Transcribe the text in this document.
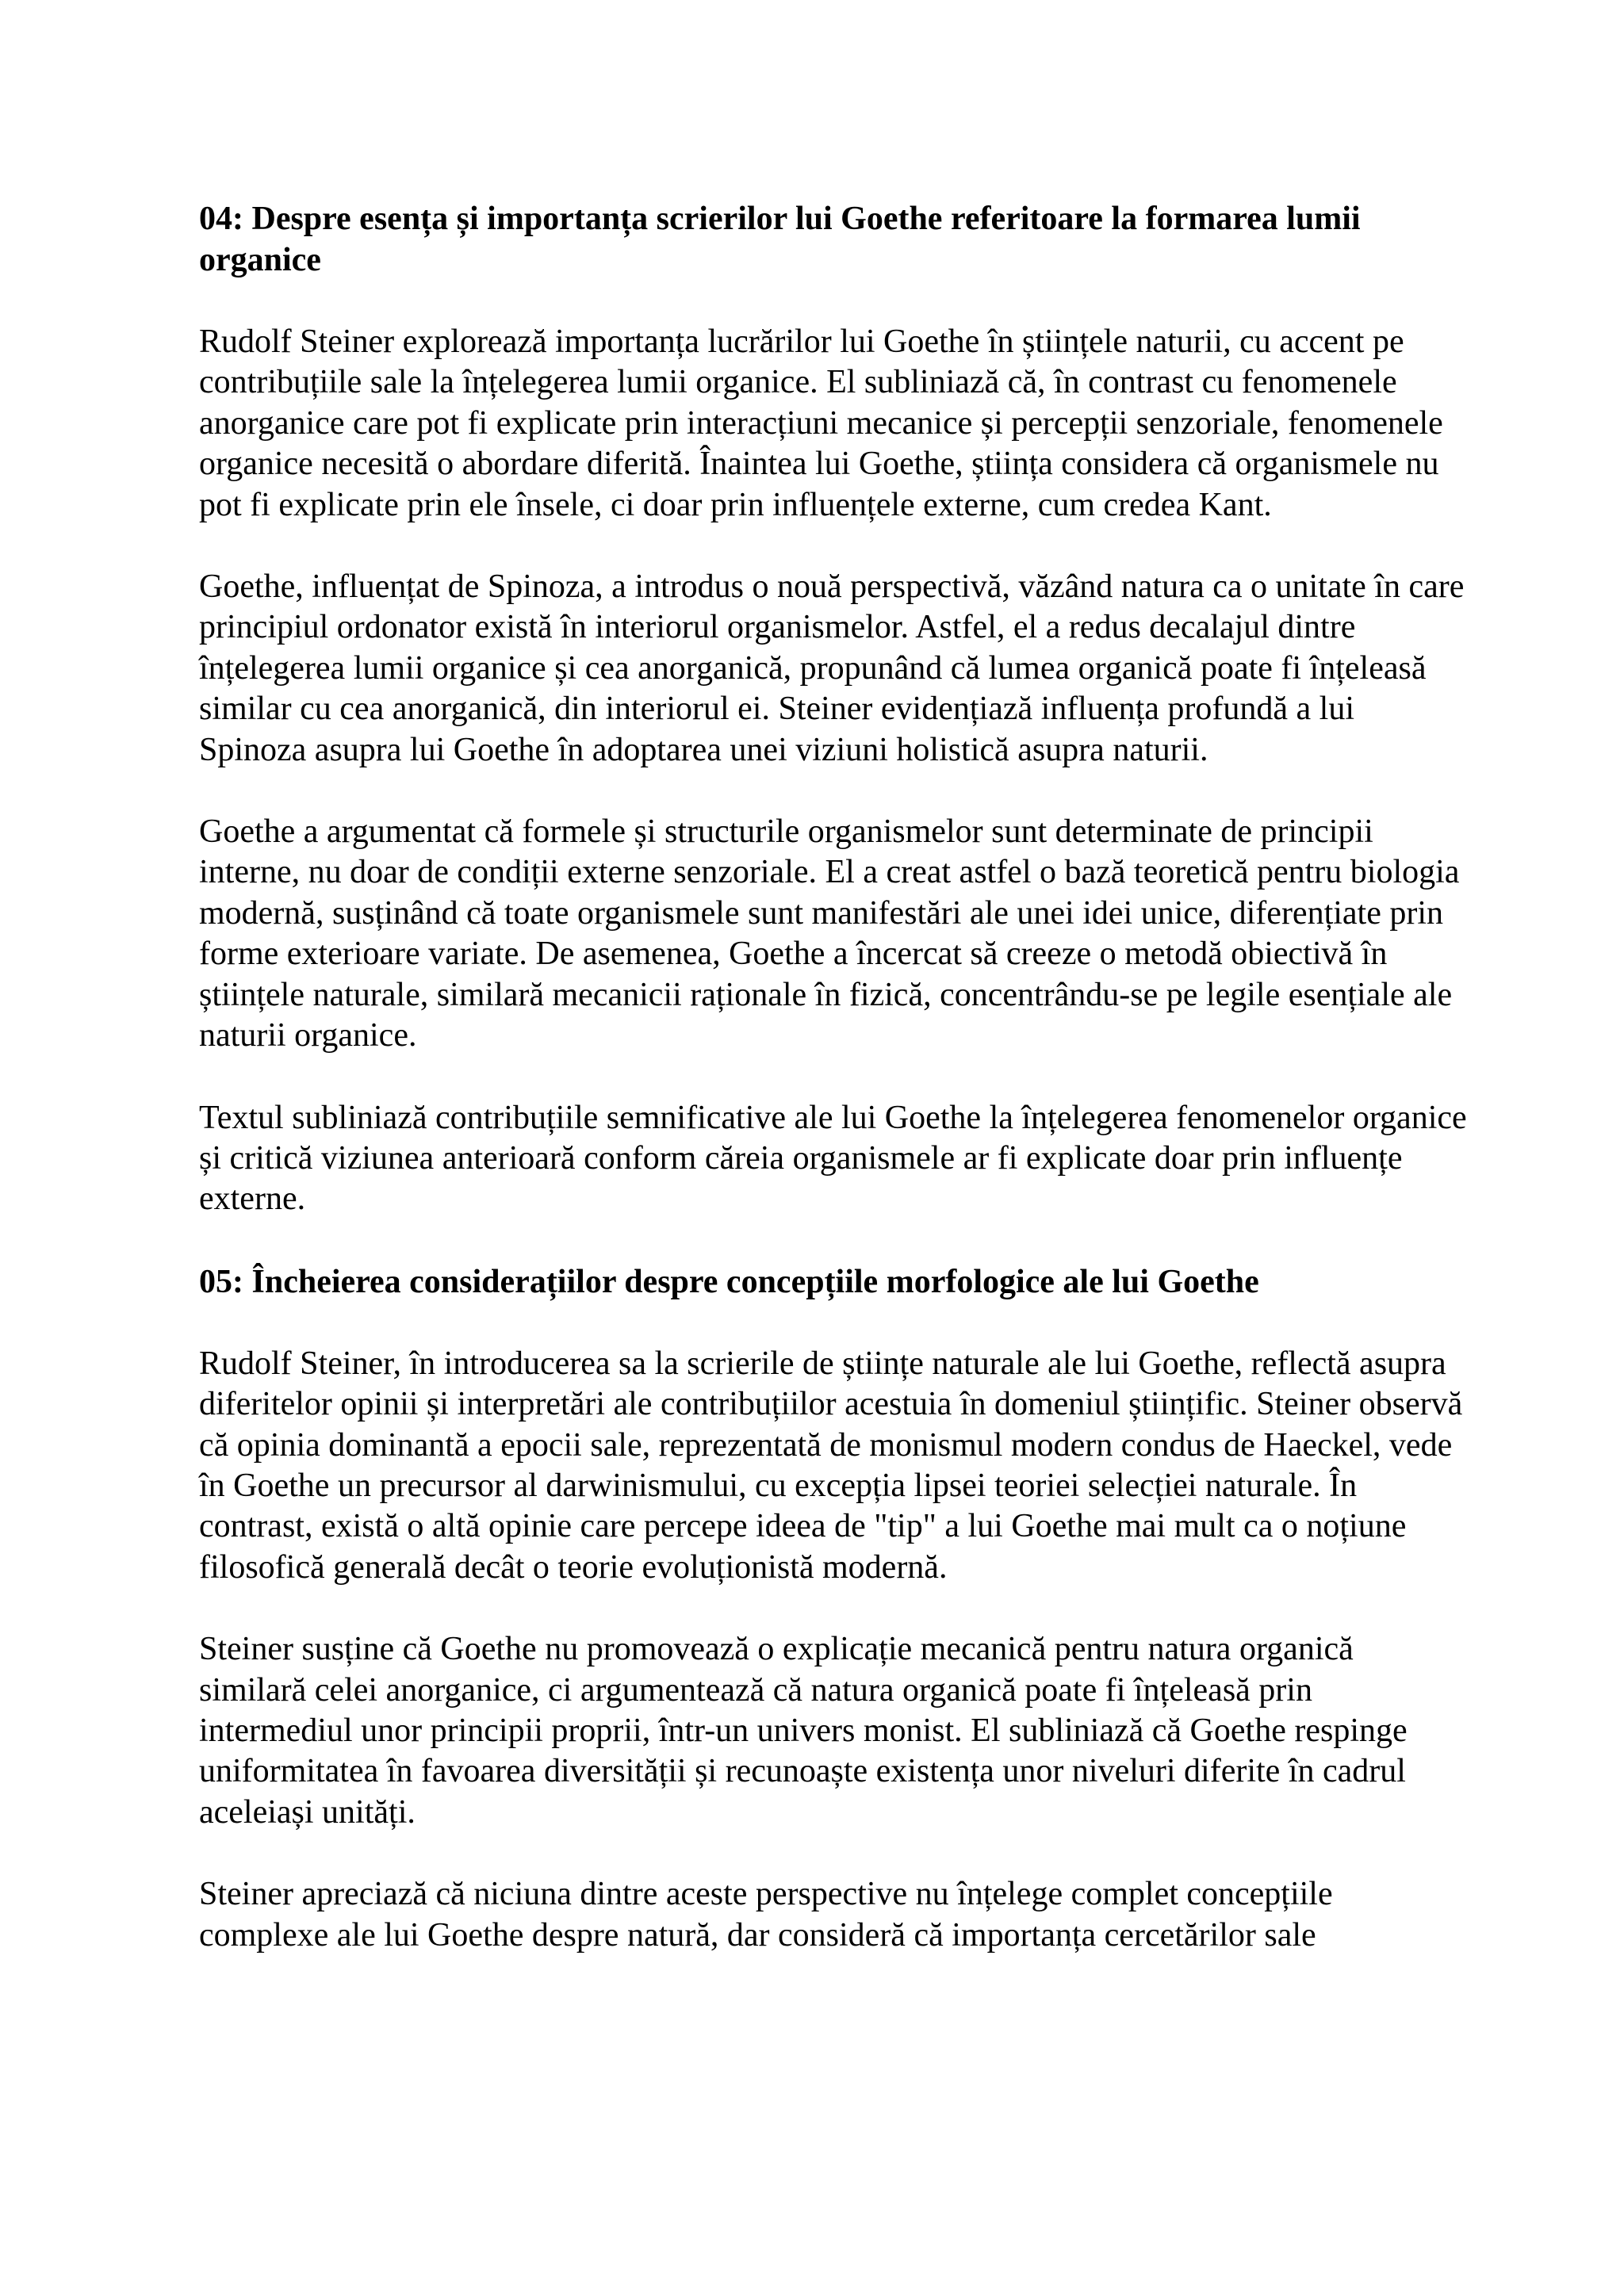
04: Despre esența și importanța scrierilor lui Goethe referitoare la formarea lumii organice

Rudolf Steiner explorează importanța lucrărilor lui Goethe în științele naturii, cu accent pe contribuțiile sale la înțelegerea lumii organice. El subliniază că, în contrast cu fenomenele anorganice care pot fi explicate prin interacțiuni mecanice și percepții senzoriale, fenomenele organice necesită o abordare diferită. Înaintea lui Goethe, știința considera că organismele nu pot fi explicate prin ele însele, ci doar prin influențele externe, cum credea Kant.

Goethe, influențat de Spinoza, a introdus o nouă perspectivă, văzând natura ca o unitate în care principiul ordonator există în interiorul organismelor. Astfel, el a redus decalajul dintre înțelegerea lumii organice și cea anorganică, propunând că lumea organică poate fi înțeleasă similar cu cea anorganică, din interiorul ei. Steiner evidențiază influența profundă a lui Spinoza asupra lui Goethe în adoptarea unei viziuni holistică asupra naturii.

Goethe a argumentat că formele și structurile organismelor sunt determinate de principii interne, nu doar de condiții externe senzoriale. El a creat astfel o bază teoretică pentru biologia modernă, susținând că toate organismele sunt manifestări ale unei idei unice, diferențiate prin forme exterioare variate. De asemenea, Goethe a încercat să creeze o metodă obiectivă în științele naturale, similară mecanicii raționale în fizică, concentrându-se pe legile esențiale ale naturii organice.

Textul subliniază contribuțiile semnificative ale lui Goethe la înțelegerea fenomenelor organice și critică viziunea anterioară conform căreia organismele ar fi explicate doar prin influențe externe.

05: Încheierea considerațiilor despre concepțiile morfologice ale lui Goethe

Rudolf Steiner, în introducerea sa la scrierile de științe naturale ale lui Goethe, reflectă asupra diferitelor opinii și interpretări ale contribuțiilor acestuia în domeniul științific. Steiner observă că opinia dominantă a epocii sale, reprezentată de monismul modern condus de Haeckel, vede în Goethe un precursor al darwinismului, cu excepția lipsei teoriei selecției naturale. În contrast, există o altă opinie care percepe ideea de "tip" a lui Goethe mai mult ca o noțiune filosofică generală decât o teorie evoluționistă modernă.

Steiner susține că Goethe nu promovează o explicație mecanică pentru natura organică similară celei anorganice, ci argumentează că natura organică poate fi înțeleasă prin intermediul unor principii proprii, într-un univers monist. El subliniază că Goethe respinge uniformitatea în favoarea diversității și recunoaște existența unor niveluri diferite în cadrul aceleiași unități.

Steiner apreciază că niciuna dintre aceste perspective nu înțelege complet concepțiile complexe ale lui Goethe despre natură, dar consideră că importanța cercetărilor sale
